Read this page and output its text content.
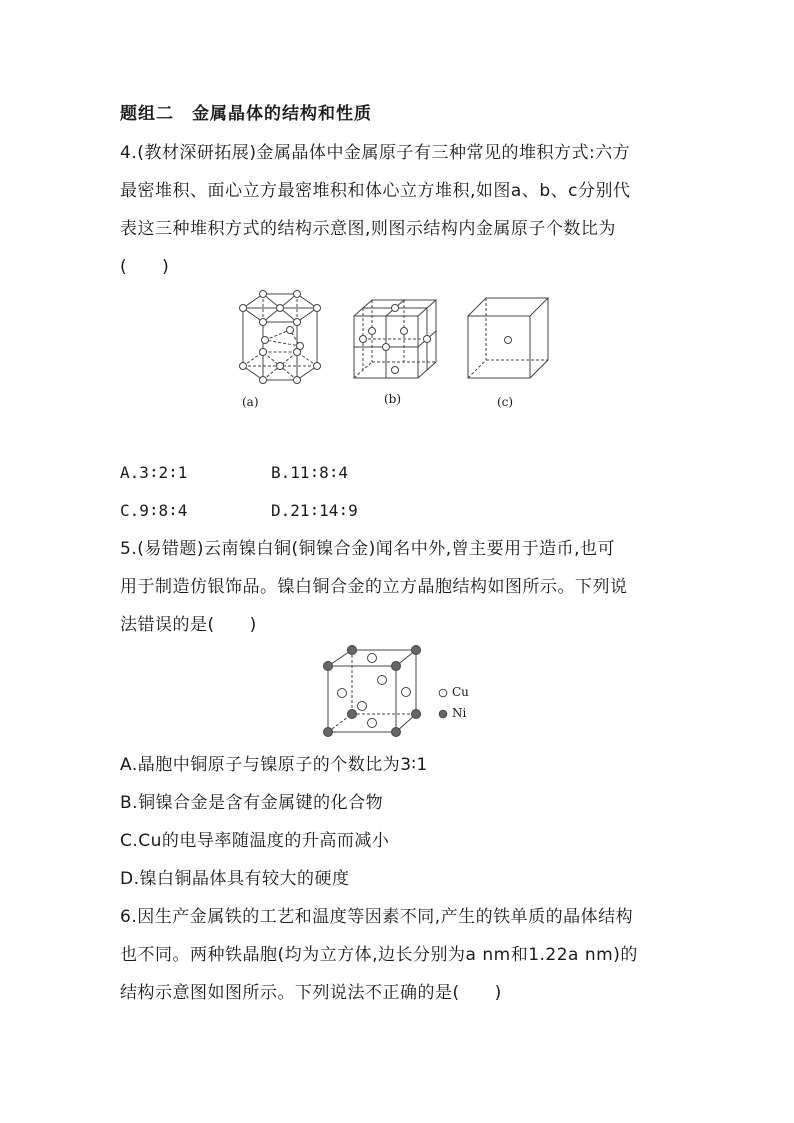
题组二　金属晶体的结构和性质
4.(教材深研拓展)金属晶体中金属原子有三种常见的堆积方式:六方
最密堆积、面心立方最密堆积和体心立方堆积,如图a、b、c分别代
表这三种堆积方式的结构示意图,则图示结构内金属原子个数比为
(　　)
(a)	(b)	(c)
A.3∶2∶1	B.11∶8∶4
C.9∶8∶4	D.21∶14∶9
5.(易错题)云南镍白铜(铜镍合金)闻名中外,曾主要用于造币,也可
用于制造仿银饰品。镍白铜合金的立方晶胞结构如图所示。下列说
法错误的是(　　)
Cu
Ni
A.晶胞中铜原子与镍原子的个数比为3∶1
B.铜镍合金是含有金属键的化合物
C.Cu的电导率随温度的升高而减小
D.镍白铜晶体具有较大的硬度
6.因生产金属铁的工艺和温度等因素不同,产生的铁单质的晶体结构
也不同。两种铁晶胞(均为立方体,边长分别为a nm和1.22a nm)的
结构示意图如图所示。下列说法不正确的是(　　)
